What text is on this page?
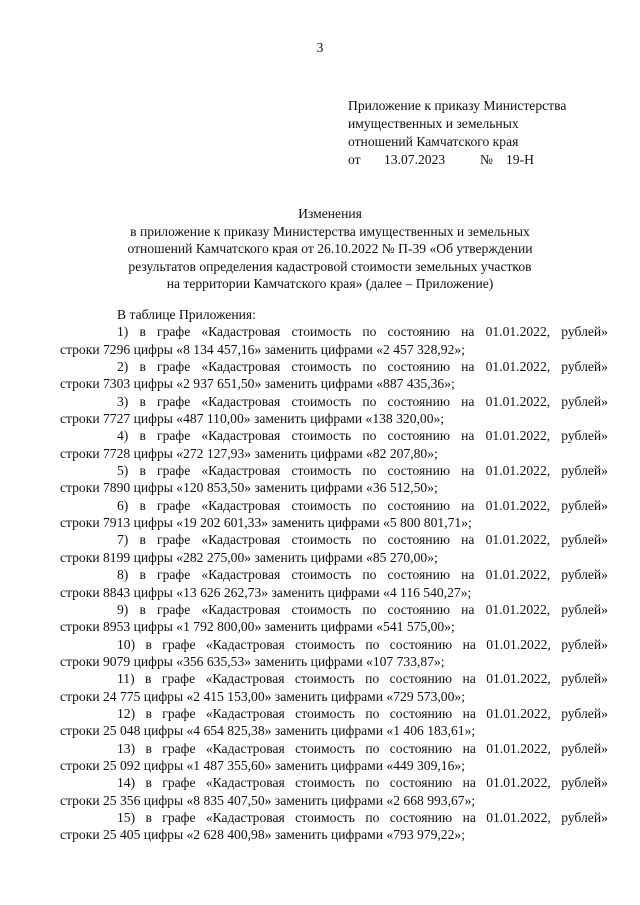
3
Приложение к приказу Министерства
имущественных и земельных
отношений Камчатского края
от 13.07.2023	№ 19-Н
Изменения
в приложение к приказу Министерства имущественных и земельных
отношений Камчатского края от 26.10.2022 № П-39 «Об утверждении
результатов определения кадастровой стоимости земельных участков
на территории Камчатского края» (далее – Приложение)
В таблице Приложения:
1) в графе «Кадастровая стоимость по состоянию на 01.01.2022, рублей»
строки 7296 цифры «8 134 457,16» заменить цифрами «2 457 328,92»;
2) в графе «Кадастровая стоимость по состоянию на 01.01.2022, рублей»
строки 7303 цифры «2 937 651,50» заменить цифрами «887 435,36»;
3) в графе «Кадастровая стоимость по состоянию на 01.01.2022, рублей»
строки 7727 цифры «487 110,00» заменить цифрами «138 320,00»;
4) в графе «Кадастровая стоимость по состоянию на 01.01.2022, рублей»
строки 7728 цифры «272 127,93» заменить цифрами «82 207,80»;
5) в графе «Кадастровая стоимость по состоянию на 01.01.2022, рублей»
строки 7890 цифры «120 853,50» заменить цифрами «36 512,50»;
6) в графе «Кадастровая стоимость по состоянию на 01.01.2022, рублей»
строки 7913 цифры «19 202 601,33» заменить цифрами «5 800 801,71»;
7) в графе «Кадастровая стоимость по состоянию на 01.01.2022, рублей»
строки 8199 цифры «282 275,00» заменить цифрами «85 270,00»;
8) в графе «Кадастровая стоимость по состоянию на 01.01.2022, рублей»
строки 8843 цифры «13 626 262,73» заменить цифрами «4 116 540,27»;
9) в графе «Кадастровая стоимость по состоянию на 01.01.2022, рублей»
строки 8953 цифры «1 792 800,00» заменить цифрами «541 575,00»;
10) в графе «Кадастровая стоимость по состоянию на 01.01.2022, рублей»
строки 9079 цифры «356 635,53» заменить цифрами «107 733,87»;
11) в графе «Кадастровая стоимость по состоянию на 01.01.2022, рублей»
строки 24 775 цифры «2 415 153,00» заменить цифрами «729 573,00»;
12) в графе «Кадастровая стоимость по состоянию на 01.01.2022, рублей»
строки 25 048 цифры «4 654 825,38» заменить цифрами «1 406 183,61»;
13) в графе «Кадастровая стоимость по состоянию на 01.01.2022, рублей»
строки 25 092 цифры «1 487 355,60» заменить цифрами «449 309,16»;
14) в графе «Кадастровая стоимость по состоянию на 01.01.2022, рублей»
строки 25 356 цифры «8 835 407,50» заменить цифрами «2 668 993,67»;
15) в графе «Кадастровая стоимость по состоянию на 01.01.2022, рублей»
строки 25 405 цифры «2 628 400,98» заменить цифрами «793 979,22»;
